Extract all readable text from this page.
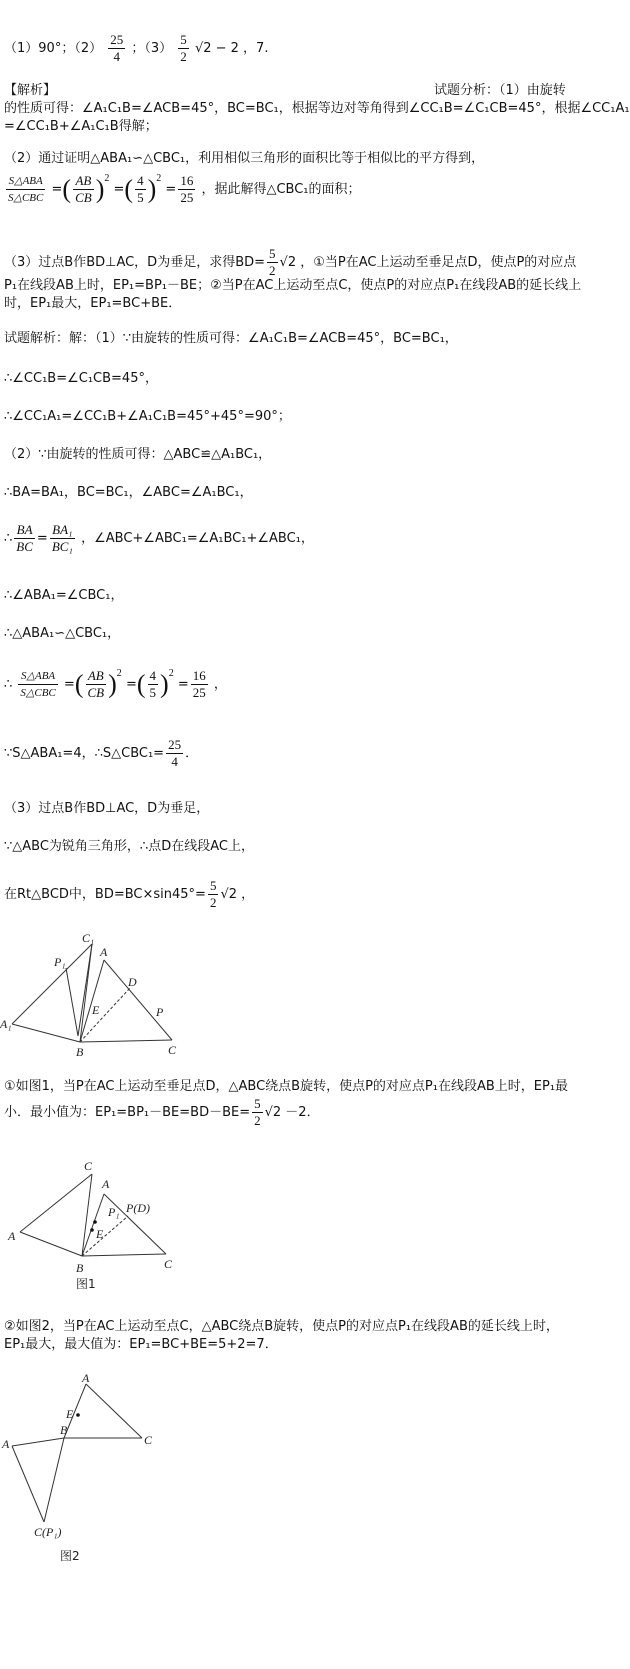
（1）90°；$(2) \frac{25}{4}$ ；$(3) \frac{5}{2} √2 - 2$ ，7.
【解析】	试题分析：（1）由旋转
的性质可得：∠A₁C₁B=∠ACB=45°，BC=BC₁，根据等边对等角得到∠CC₁B=∠C₁CB=45°，根据∠CC₁A₁
=∠CC₁B+∠A₁C₁B得解；
（2）通过证明△ABA₁∽△CBC₁，利用相似三角形的面积比等于相似比的平方得到，
$\frac{\text{S△ABA}}{\text{S△CBC}}$ =( $\frac{AB}{CB} )^2$ =( $\frac{4}{5} )^2 = \frac{16}{25}$ ，据此解得△CBC₁的面积；
（3）过点B作BD⊥AC，D为垂足，求得$BD= \frac{5}{2} √2$ ，①当P在AC上运动至垂足点D，使点P的对应点
P₁在线段AB上时，EP₁=BP₁－BE；②当P在AC上运动至点C，使点P的对应点P₁在线段AB的延长线上
时，EP₁最大，EP₁=BC+BE．
试题解析：解：（1）∵由旋转的性质可得：∠A₁C₁B=∠ACB=45°，BC=BC₁，
∴∠CC₁B=∠C₁CB=45°，
∴∠CC₁A₁=∠CC₁B+∠A₁C₁B=45°+45°=90°；
（2）∵由旋转的性质可得：△ABC≌△A₁BC₁，
∴BA=BA₁，BC=BC₁，∠ABC=∠A₁BC₁，
∴ $\frac{BA}{BC} = \frac{\text{BA₁}}{\text{BC₁}}$ ，∠ABC+∠ABC₁=∠A₁BC₁+∠ABC₁，
∴∠ABA₁=∠CBC₁，
∴△ABA₁∽△CBC₁，
∴ $\frac{\text{S△ABA}}{\text{S△CBC}}$ =( $\frac{AB}{CB} )^2$ =( $\frac{4}{5} )^2 = \frac{16}{25}$ ，
∵S△ABA₁=4，∴S△CBC₁= $\frac{25}{4}$ ．
（3）过点B作BD⊥AC，D为垂足，
∵△ABC为锐角三角形，∴点D在线段AC上，
在Rt△BCD中，$BD=BC\times\sin 45^\circ= \frac{5}{2} √2$ ，
C₁
P₁
A
D
E	P
A₁
B	C
①如图1，当P在AC上运动至垂足点D，△ABC绕点B旋转，使点P的对应点P₁在线段AB上时，EP₁最
小．最小值为：$EP_1=BP_1-BE=BD-BE= \frac{5}{2} √2 -2$．
C
A
P₁ P(D)
E
A
B	C
图1
②如图2，当P在AC上运动至点C，△ABC绕点B旋转，使点P的对应点P₁在线段AB的延长线上时，
EP₁最大，最大值为：EP₁=BC+BE=5+2=7．
A
E
B
C
A
C(P₁)
图2
